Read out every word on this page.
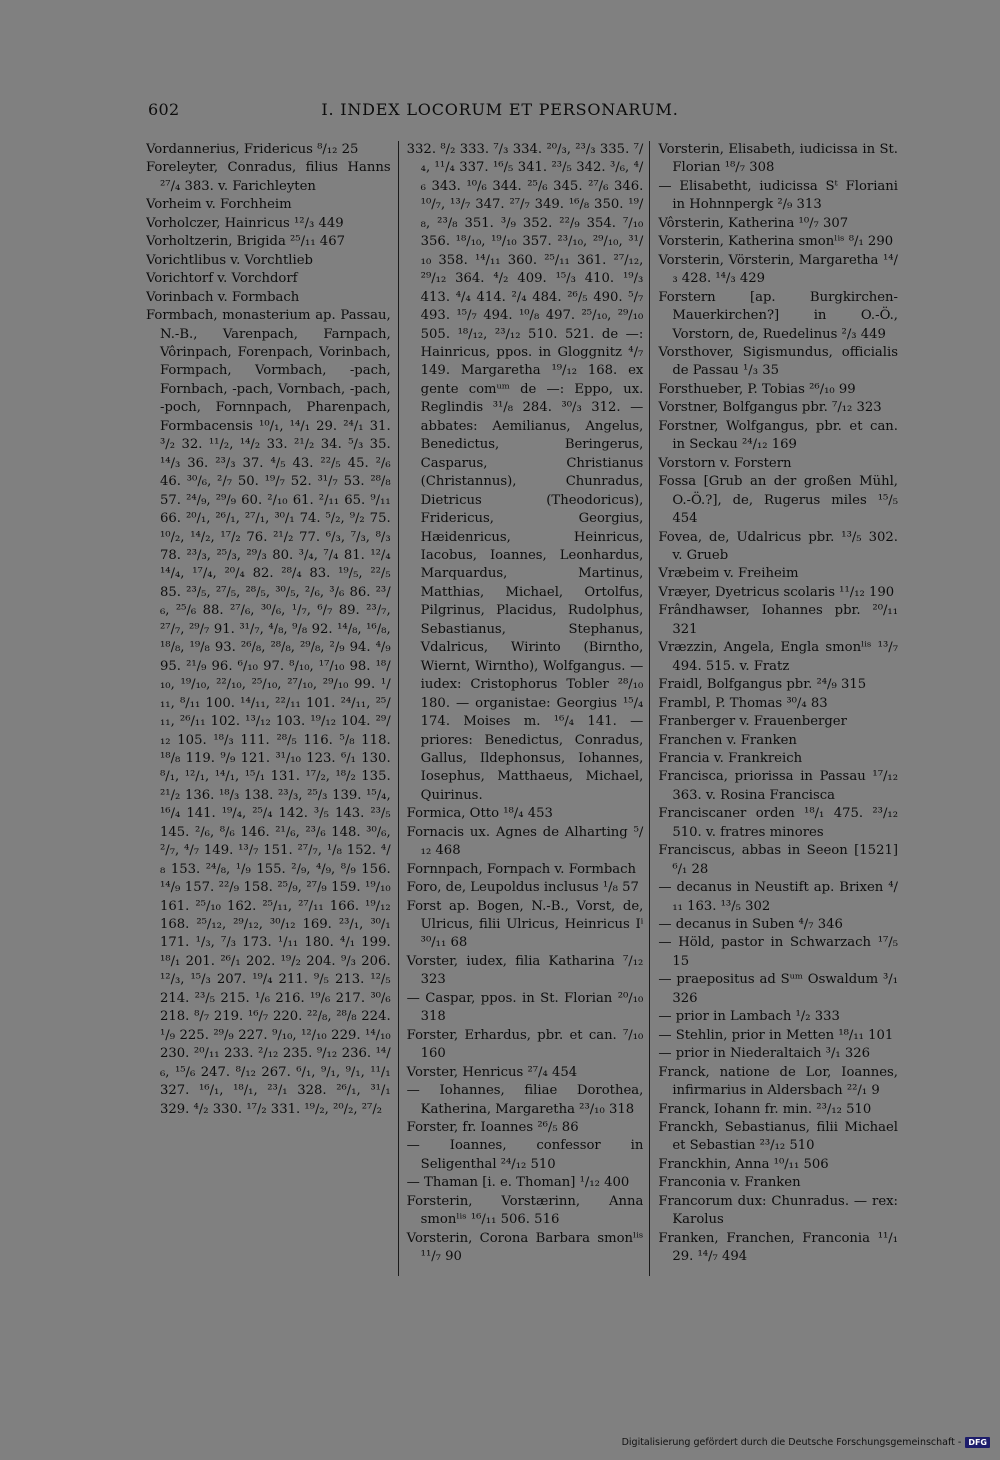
602	I. INDEX LOCORUM ET PERSONARUM.

Vordannerius, Fridericus ⁸/₁₂ 25

Foreleyter, Conradus, filius Hanns ²⁷/₄ 383. v. Farichleyten

Vorheim v. Forchheim

Vorholczer, Hainricus ¹²/₃ 449

Vorholtzerin, Brigida ²⁵/₁₁ 467

Vorichtlibus v. Vorchtlieb

Vorichtorf v. Vorchdorf

Vorinbach v. Formbach

Formbach, monasterium ap. Passau, N.-B., Varenpach, Farnpach, Vôrinpach, Forenpach, Vorinbach, Formpach, Vormbach, -pach, Fornbach, -pach, Vornbach, -pach, -poch, Fornnpach, Pharenpach, Formbacensis ¹⁰/₁, ¹⁴/₁ 29. ²⁴/₁ 31. ³/₂ 32. ¹¹/₂, ¹⁴/₂ 33. ²¹/₂ 34. ⁵/₃ 35. ¹⁴/₃ 36. ²³/₃ 37. ⁴/₅ 43. ²²/₅ 45. ²/₆ 46. ³⁰/₆, ²/₇ 50. ¹⁹/₇ 52. ³¹/₇ 53. ²⁸/₈ 57. ²⁴/₉, ²⁹/₉ 60. ²/₁₀ 61. ²/₁₁ 65. ⁹/₁₁ 66. ²⁰/₁, ²⁶/₁, ²⁷/₁, ³⁰/₁ 74. ⁵/₂, ⁹/₂ 75. ¹⁰/₂, ¹⁴/₂, ¹⁷/₂ 76. ²¹/₂ 77. ⁶/₃, ⁷/₃, ⁸/₃ 78. ²³/₃, ²⁵/₃, ²⁹/₃ 80. ³/₄, ⁷/₄ 81. ¹²/₄ ¹⁴/₄, ¹⁷/₄, ²⁰/₄ 82. ²⁸/₄ 83. ¹⁹/₅, ²²/₅ 85. ²³/₅, ²⁷/₅, ²⁸/₅, ³⁰/₅, ²/₆, ³/₆ 86. ²³/₆, ²⁵/₆ 88. ²⁷/₆, ³⁰/₆, ¹/₇, ⁶/₇ 89. ²³/₇, ²⁷/₇, ²⁹/₇ 91. ³¹/₇, ⁴/₈, ⁹/₈ 92. ¹⁴/₈, ¹⁶/₈, ¹⁸/₈, ¹⁹/₈ 93. ²⁶/₈, ²⁸/₈, ²⁹/₈, ²/₉ 94. ⁴/₉ 95. ²¹/₉ 96. ⁶/₁₀ 97. ⁸/₁₀, ¹⁷/₁₀ 98. ¹⁸/₁₀, ¹⁹/₁₀, ²²/₁₀, ²⁵/₁₀, ²⁷/₁₀, ²⁹/₁₀ 99. ¹/₁₁, ⁸/₁₁ 100. ¹⁴/₁₁, ²²/₁₁ 101. ²⁴/₁₁, ²⁵/₁₁, ²⁶/₁₁ 102. ¹³/₁₂ 103. ¹⁹/₁₂ 104. ²⁹/₁₂ 105. ¹⁸/₃ 111. ²⁸/₅ 116. ⁵/₈ 118. ¹⁸/₈ 119. ⁹/₉ 121. ³¹/₁₀ 123. ⁶/₁ 130. ⁸/₁, ¹²/₁, ¹⁴/₁, ¹⁵/₁ 131. ¹⁷/₂, ¹⁸/₂ 135. ²¹/₂ 136. ¹⁸/₃ 138. ²³/₃, ²⁵/₃ 139. ¹⁵/₄, ¹⁶/₄ 141. ¹⁹/₄, ²⁵/₄ 142. ³/₅ 143. ²³/₅ 145. ²/₆, ⁸/₆ 146. ²¹/₆, ²³/₆ 148. ³⁰/₆, ²/₇, ⁴/₇ 149. ¹³/₇ 151. ²⁷/₇, ¹/₈ 152. ⁴/₈ 153. ²⁴/₈, ¹/₉ 155. ²/₉, ⁴/₉, ⁸/₉ 156. ¹⁴/₉ 157. ²²/₉ 158. ²⁵/₉, ²⁷/₉ 159. ¹⁹/₁₀ 161. ²⁵/₁₀ 162. ²⁵/₁₁, ²⁷/₁₁ 166. ¹⁹/₁₂ 168. ²⁵/₁₂, ²⁹/₁₂, ³⁰/₁₂ 169. ²³/₁, ³⁰/₁ 171. ¹/₃, ⁷/₃ 173. ¹/₁₁ 180. ⁴/₁ 199. ¹⁸/₁ 201. ²⁶/₁ 202. ¹⁹/₂ 204. ⁹/₃ 206. ¹²/₃, ¹⁵/₃ 207. ¹⁹/₄ 211. ⁹/₅ 213. ¹²/₅ 214. ²³/₅ 215. ¹/₆ 216. ¹⁹/₆ 217. ³⁰/₆ 218. ⁸/₇ 219. ¹⁶/₇ 220. ²²/₈, ²⁸/₈ 224. ¹/₉ 225. ²⁹/₉ 227. ⁹/₁₀, ¹²/₁₀ 229. ¹⁴/₁₀ 230. ²⁰/₁₁ 233. ²/₁₂ 235. ⁹/₁₂ 236. ¹⁴/₆, ¹⁵/₆ 247. ⁸/₁₂ 267. ⁶/₁, ⁹/₁, ⁹/₁, ¹¹/₁ 327. ¹⁶/₁, ¹⁸/₁, ²³/₁ 328. ²⁶/₁, ³¹/₁ 329. ⁴/₂ 330. ¹⁷/₂ 331. ¹⁹/₂, ²⁰/₂, ²⁷/₂

332. ⁸/₂ 333. ⁷/₃ 334. ²⁰/₃, ²³/₃ 335. ⁷/₄, ¹¹/₄ 337. ¹⁶/₅ 341. ²³/₅ 342. ³/₆, ⁴/₆ 343. ¹⁰/₆ 344. ²⁵/₆ 345. ²⁷/₆ 346. ¹⁰/₇, ¹³/₇ 347. ²⁷/₇ 349. ¹⁶/₈ 350. ¹⁹/₈, ²³/₈ 351. ³/₉ 352. ²²/₉ 354. ⁷/₁₀ 356. ¹⁸/₁₀, ¹⁹/₁₀ 357. ²³/₁₀, ²⁹/₁₀, ³¹/₁₀ 358. ¹⁴/₁₁ 360. ²⁵/₁₁ 361. ²⁷/₁₂, ²⁹/₁₂ 364. ⁴/₂ 409. ¹⁵/₃ 410. ¹⁹/₃ 413. ⁴/₄ 414. ²/₄ 484. ²⁶/₅ 490. ⁵/₇ 493. ¹⁵/₇ 494. ¹⁰/₈ 497. ²⁵/₁₀, ²⁹/₁₀ 505. ¹⁸/₁₂, ²³/₁₂ 510. 521. de —: Hainricus, ppos. in Gloggnitz ⁴/₇ 149. Margaretha ¹⁹/₁₂ 168. ex gente comᵘᵐ de —: Eppo, ux. Reglindis ³¹/₈ 284. ³⁰/₃ 312. — abbates: Aemilianus, Angelus, Benedictus, Beringerus, Casparus, Christianus (Christannus), Chunradus, Dietricus (Theodoricus), Fridericus, Georgius, Hæidenricus, Heinricus, Iacobus, Ioannes, Leonhardus, Marquardus, Martinus, Matthias, Michael, Ortolfus, Pilgrinus, Placidus, Rudolphus, Sebastianus, Stephanus, Vdalricus, Wirinto (Birntho, Wiernt, Wirntho), Wolfgangus. — iudex: Cristophorus Tobler ²⁸/₁₀ 180. — organistae: Georgius ¹⁵/₄ 174. Moises m. ¹⁶/₄ 141. — priores: Benedictus, Conradus, Gallus, Ildephonsus, Iohannes, Iosephus, Matthaeus, Michael, Quirinus.

Formica, Otto ¹⁸/₄ 453

Fornacis ux. Agnes de Alharting ⁵/₁₂ 468

Fornnpach, Fornpach v. Formbach

Foro, de, Leupoldus inclusus ¹/₈ 57

Forst ap. Bogen, N.-B., Vorst, de, Ulricus, filii Ulricus, Heinricus Iⁱ ³⁰/₁₁ 68

Vorster, iudex, filia Katharina ⁷/₁₂ 323

— Caspar, ppos. in St. Florian ²⁰/₁₀ 318

Forster, Erhardus, pbr. et can. ⁷/₁₀ 160

Vorster, Henricus ²⁷/₄ 454

— Iohannes, filiae Dorothea, Katherina, Margaretha ²³/₁₀ 318

Forster, fr. Ioannes ²⁶/₅ 86

— Ioannes, confessor in Seligenthal ²⁴/₁₂ 510

— Thaman [i. e. Thoman] ¹/₁₂ 400

Forsterin, Vorstærinn, Anna smonˡⁱˢ ¹⁶/₁₁ 506. 516

Vorsterin, Corona Barbara smonˡⁱˢ ¹¹/₇ 90

Vorsterin, Elisabeth, iudicissa in St. Florian ¹⁸/₇ 308

— Elisabetht, iudicissa Sᵗ Floriani in Hohnnpergk ²/₉ 313

Vôrsterin, Katherina ¹⁰/₇ 307

Vorsterin, Katherina smonˡⁱˢ ⁸/₁ 290

Vorsterin, Vörsterin, Margaretha ¹⁴/₃ 428. ¹⁴/₃ 429

Forstern [ap. Burgkirchen-Mauerkirchen?] in O.-Ö., Vorstorn, de, Ruedelinus ²/₃ 449

Vorsthover, Sigismundus, officialis de Passau ¹/₃ 35

Forsthueber, P. Tobias ²⁶/₁₀ 99

Vorstner, Bolfgangus pbr. ⁷/₁₂ 323

Forstner, Wolfgangus, pbr. et can. in Seckau ²⁴/₁₂ 169

Vorstorn v. Forstern

Fossa [Grub an der großen Mühl, O.-Ö.?], de, Rugerus miles ¹⁵/₅ 454

Fovea, de, Udalricus pbr. ¹³/₅ 302. v. Grueb

Vræbeim v. Freiheim

Vræyer, Dyetricus scolaris ¹¹/₁₂ 190

Frândhawser, Iohannes pbr. ²⁰/₁₁ 321

Vræzzin, Angela, Engla smonˡⁱˢ ¹³/₇ 494. 515. v. Fratz

Fraidl, Bolfgangus pbr. ²⁴/₉ 315

Frambl, P. Thomas ³⁰/₄ 83

Franberger v. Frauenberger

Franchen v. Franken

Francia v. Frankreich

Francisca, priorissa in Passau ¹⁷/₁₂ 363. v. Rosina Francisca

Franciscaner orden ¹⁸/₁ 475. ²³/₁₂ 510. v. fratres minores

Franciscus, abbas in Seeon [1521] ⁶/₁ 28

— decanus in Neustift ap. Brixen ⁴/₁₁ 163. ¹³/₅ 302

— decanus in Suben ⁴/₇ 346

— Höld, pastor in Schwarzach ¹⁷/₅ 15

— praepositus ad Sᵘᵐ Oswaldum ³/₁ 326

— prior in Lambach ¹/₂ 333

— Stehlin, prior in Metten ¹⁸/₁₁ 101

— prior in Niederaltaich ³/₁ 326

Franck, natione de Lor, Ioannes, infirmarius in Aldersbach ²²/₁ 9

Franck, Iohann fr. min. ²³/₁₂ 510

Franckh, Sebastianus, filii Michael et Sebastian ²³/₁₂ 510

Franckhin, Anna ¹⁰/₁₁ 506

Franconia v. Franken

Francorum dux: Chunradus. — rex: Karolus

Franken, Franchen, Franconia ¹¹/₁ 29. ¹⁴/₇ 494

Digitalisierung gefördert durch die Deutsche Forschungsgemeinschaft - DFG
